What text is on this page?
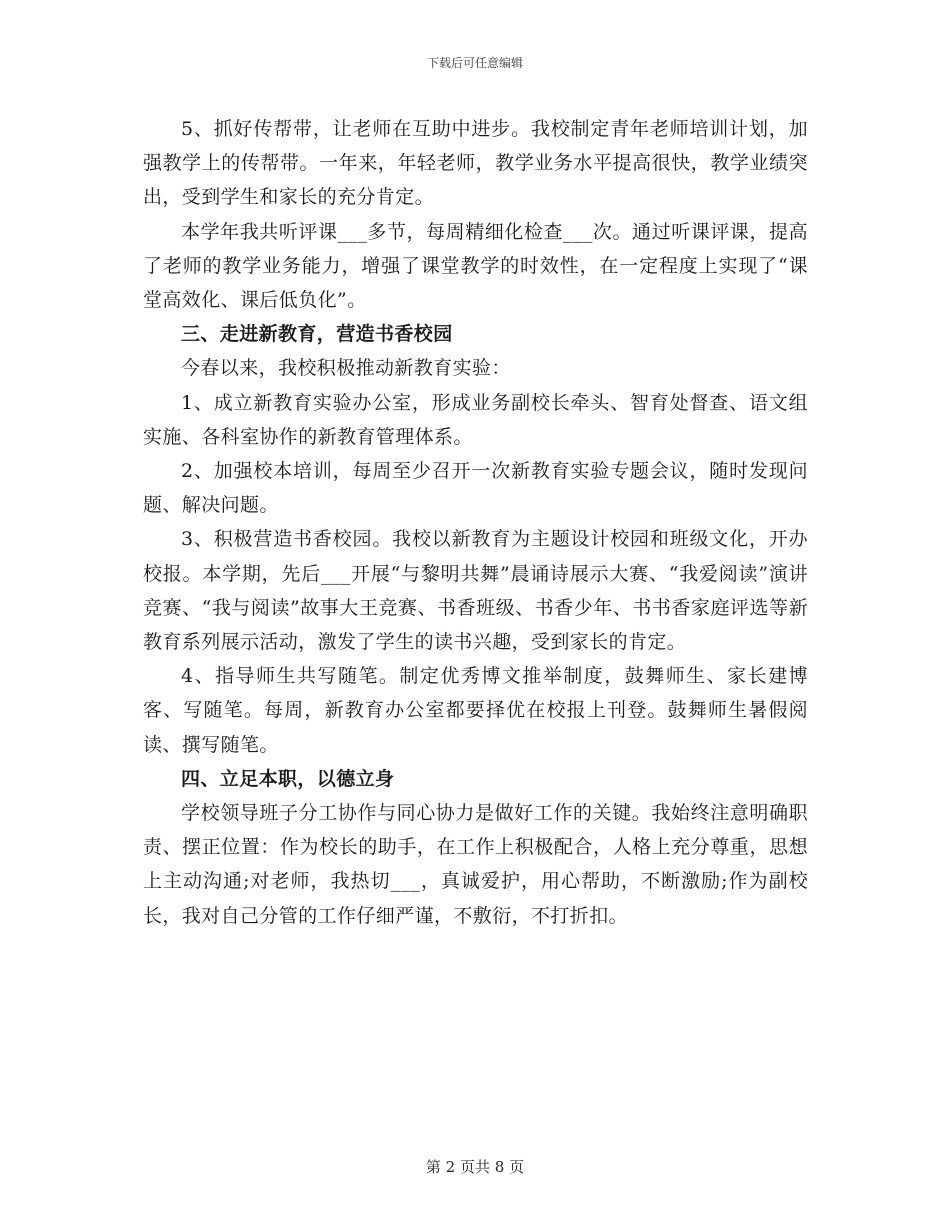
下载后可任意编辑

5、抓好传帮带，让老师在互助中进步。我校制定青年老师培训计划，加强教学上的传帮带。一年来，年轻老师，教学业务水平提高很快，教学业绩突出，受到学生和家长的充分肯定。

本学年我共听评课___多节，每周精细化检查___次。通过听课评课，提高了老师的教学业务能力，增强了课堂教学的时效性，在一定程度上实现了“课堂高效化、课后低负化”。

三、走进新教育，营造书香校园

今春以来，我校积极推动新教育实验：

1、成立新教育实验办公室，形成业务副校长牵头、智育处督查、语文组实施、各科室协作的新教育管理体系。

2、加强校本培训，每周至少召开一次新教育实验专题会议，随时发现问题、解决问题。

3、积极营造书香校园。我校以新教育为主题设计校园和班级文化，开办校报。本学期，先后___开展“与黎明共舞”晨诵诗展示大赛、“我爱阅读”演讲竞赛、“我与阅读”故事大王竞赛、书香班级、书香少年、书书香家庭评选等新教育系列展示活动，激发了学生的读书兴趣，受到家长的肯定。

4、指导师生共写随笔。制定优秀博文推举制度，鼓舞师生、家长建博客、写随笔。每周，新教育办公室都要择优在校报上刊登。鼓舞师生暑假阅读、撰写随笔。

四、立足本职，以德立身

学校领导班子分工协作与同心协力是做好工作的关键。我始终注意明确职责、摆正位置：作为校长的助手，在工作上积极配合，人格上充分尊重，思想上主动沟通;对老师，我热切___，真诚爱护，用心帮助，不断激励;作为副校长，我对自己分管的工作仔细严谨，不敷衍，不打折扣。

第 2 页共 8 页
